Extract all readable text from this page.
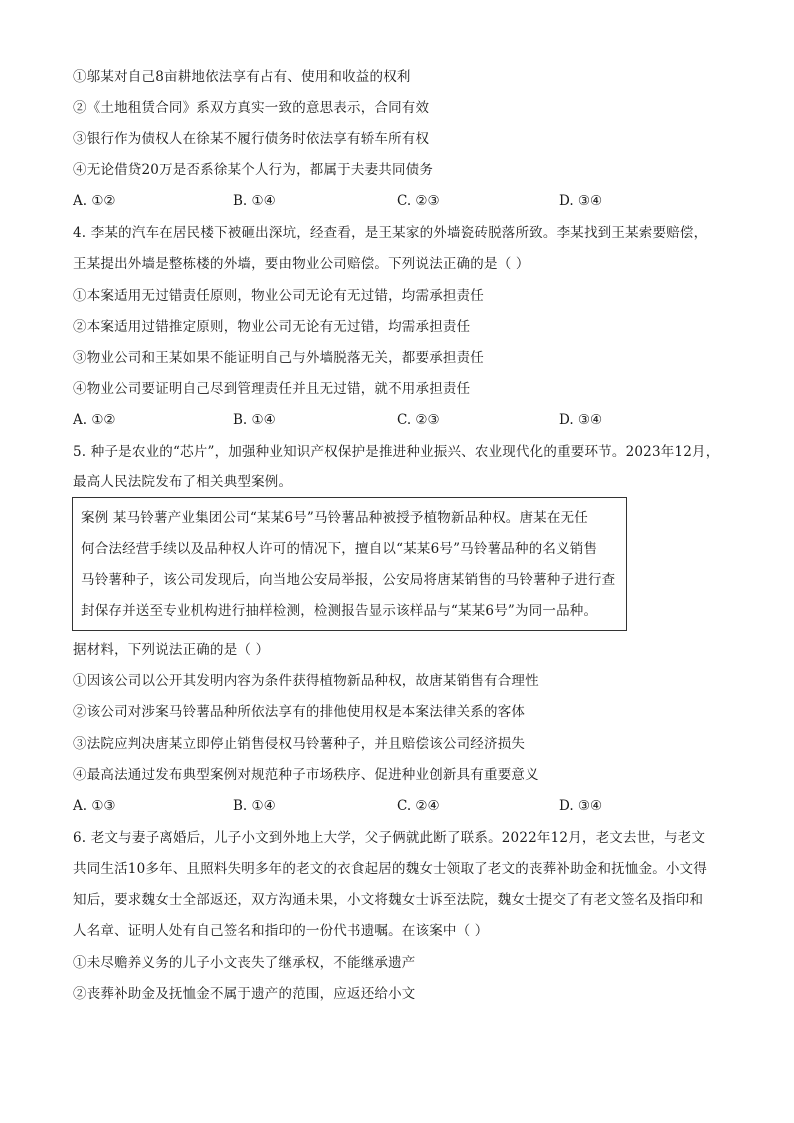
①邬某对自己8亩耕地依法享有占有、使用和收益的权利
②《土地租赁合同》系双方真实一致的意思表示，合同有效
③银行作为债权人在徐某不履行债务时依法享有轿车所有权
④无论借贷20万是否系徐某个人行为，都属于夫妻共同债务
A. ①②	B. ①④	C. ②③	D. ③④
4. 李某的汽车在居民楼下被砸出深坑，经查看，是王某家的外墙瓷砖脱落所致。李某找到王某索要赔偿，
王某提出外墙是整栋楼的外墙，要由物业公司赔偿。下列说法正确的是（ ）
①本案适用无过错责任原则，物业公司无论有无过错，均需承担责任
②本案适用过错推定原则，物业公司无论有无过错，均需承担责任
③物业公司和王某如果不能证明自己与外墙脱落无关，都要承担责任
④物业公司要证明自己尽到管理责任并且无过错，就不用承担责任
A. ①②	B. ①④	C. ②③	D. ③④
5. 种子是农业的“芯片”，加强种业知识产权保护是推进种业振兴、农业现代化的重要环节。2023年12月，
最高人民法院发布了相关典型案例。
案例 某马铃薯产业集团公司“某某6号”马铃薯品种被授予植物新品种权。唐某在无任
何合法经营手续以及品种权人许可的情况下，擅自以“某某6号”马铃薯品种的名义销售
马铃薯种子，该公司发现后，向当地公安局举报，公安局将唐某销售的马铃薯种子进行查
封保存并送至专业机构进行抽样检测，检测报告显示该样品与“某某6号”为同一品种。
据材料，下列说法正确的是（ ）
①因该公司以公开其发明内容为条件获得植物新品种权，故唐某销售有合理性
②该公司对涉案马铃薯品种所依法享有的排他使用权是本案法律关系的客体
③法院应判决唐某立即停止销售侵权马铃薯种子，并且赔偿该公司经济损失
④最高法通过发布典型案例对规范种子市场秩序、促进种业创新具有重要意义
A. ①③	B. ①④	C. ②④	D. ③④
6. 老文与妻子离婚后，儿子小文到外地上大学，父子俩就此断了联系。2022年12月，老文去世，与老文
共同生活10多年、且照料失明多年的老文的衣食起居的魏女士领取了老文的丧葬补助金和抚恤金。小文得
知后，要求魏女士全部返还，双方沟通未果，小文将魏女士诉至法院，魏女士提交了有老文签名及指印和
人名章、证明人处有自己签名和指印的一份代书遗嘱。在该案中（ ）
①未尽赡养义务的儿子小文丧失了继承权，不能继承遗产
②丧葬补助金及抚恤金不属于遗产的范围，应返还给小文
